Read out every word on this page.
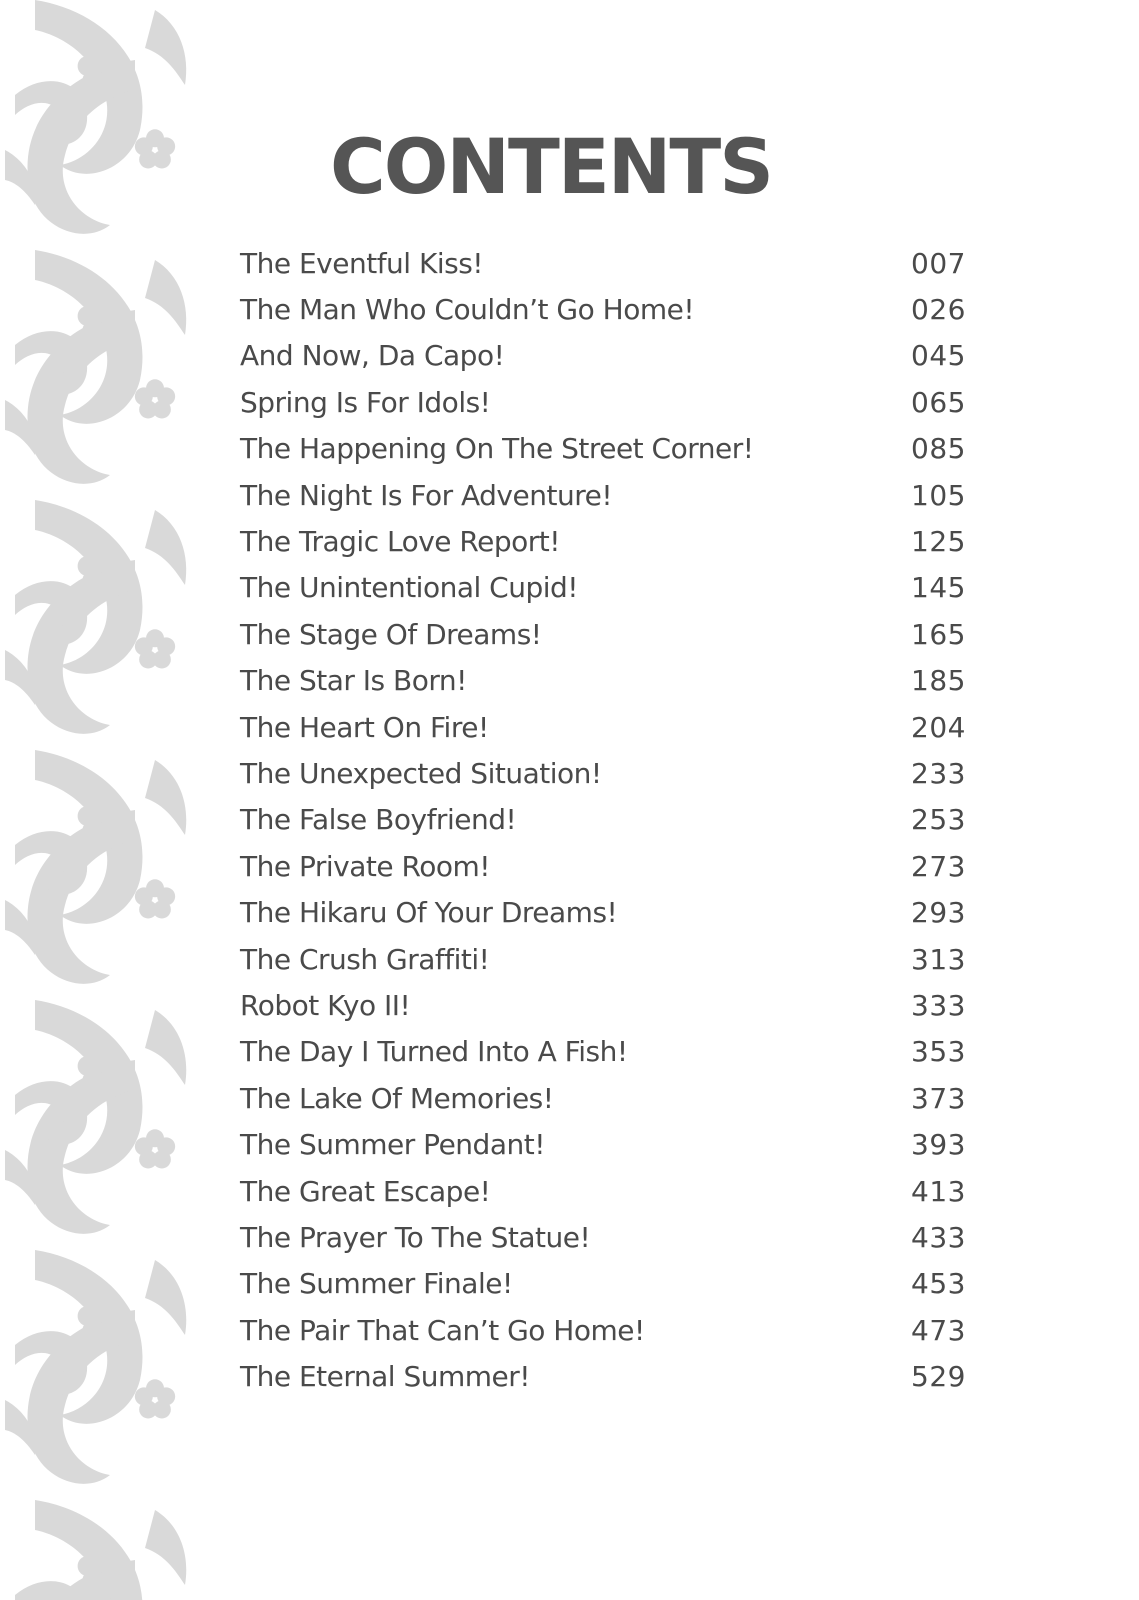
CONTENTS
The Eventful Kiss!	007
The Man Who Couldn’t Go Home!	026
And Now, Da Capo!	045
Spring Is For Idols!	065
The Happening On The Street Corner!	085
The Night Is For Adventure!	105
The Tragic Love Report!	125
The Unintentional Cupid!	145
The Stage Of Dreams!	165
The Star Is Born!	185
The Heart On Fire!	204
The Unexpected Situation!	233
The False Boyfriend!	253
The Private Room!	273
The Hikaru Of Your Dreams!	293
The Crush Graffiti!	313
Robot Kyo II!	333
The Day I Turned Into A Fish!	353
The Lake Of Memories!	373
The Summer Pendant!	393
The Great Escape!	413
The Prayer To The Statue!	433
The Summer Finale!	453
The Pair That Can’t Go Home!	473
The Eternal Summer!	529
